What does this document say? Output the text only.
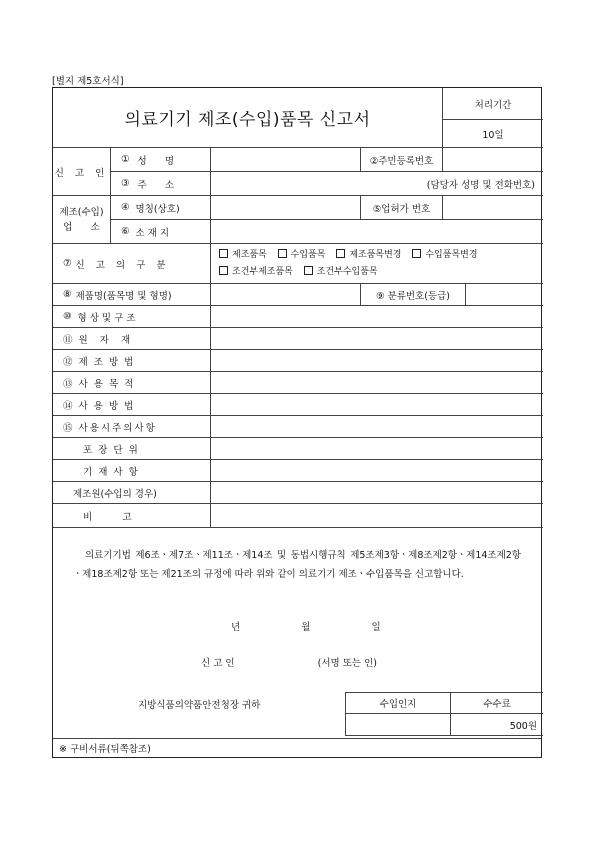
[별지 제5호서식]
의료기기 제조(수입)품목 신고서
처리기간
10일
신 고 인
① 성      명	②주민등록번호
③ 주      소	(담당자 성명 및 전화번호)
제조(수입)
업      소
④ 명칭(상호)	⑤업허가 번호
⑥ 소 재 지
⑦ 신 고 의 구 분
제조품목	수입품목	제조품목변경	수입품목변경
조건부제조품목	조건부수입품목
⑧ 제품명(품목명 및 형명)	⑨ 분류번호(등급)
⑩ 형 상 및 구 조
⑪ 원    자    재
⑫ 제  조  방  법
⑬ 사  용  목  적
⑭ 사  용  방  법
⑮ 사용시주의사항
포  장  단  위
기  재  사  항
제조원(수입의 경우)
비          고
의료기기법 제6조ㆍ제7조ㆍ제11조ㆍ제14조 및 동법시행규칙 제5조제3항ㆍ제8조제2항ㆍ제14조제2항ㆍ제18조제2항 또는 제21조의 규정에 따라 위와 같이 의료기기 제조ㆍ수입품목을 신고합니다.
년	월	일
신 고 인	(서명 또는 인)
지방식품의약품안전청장 귀하	수입인지	수수료
500원
※ 구비서류(뒤쪽참조)
